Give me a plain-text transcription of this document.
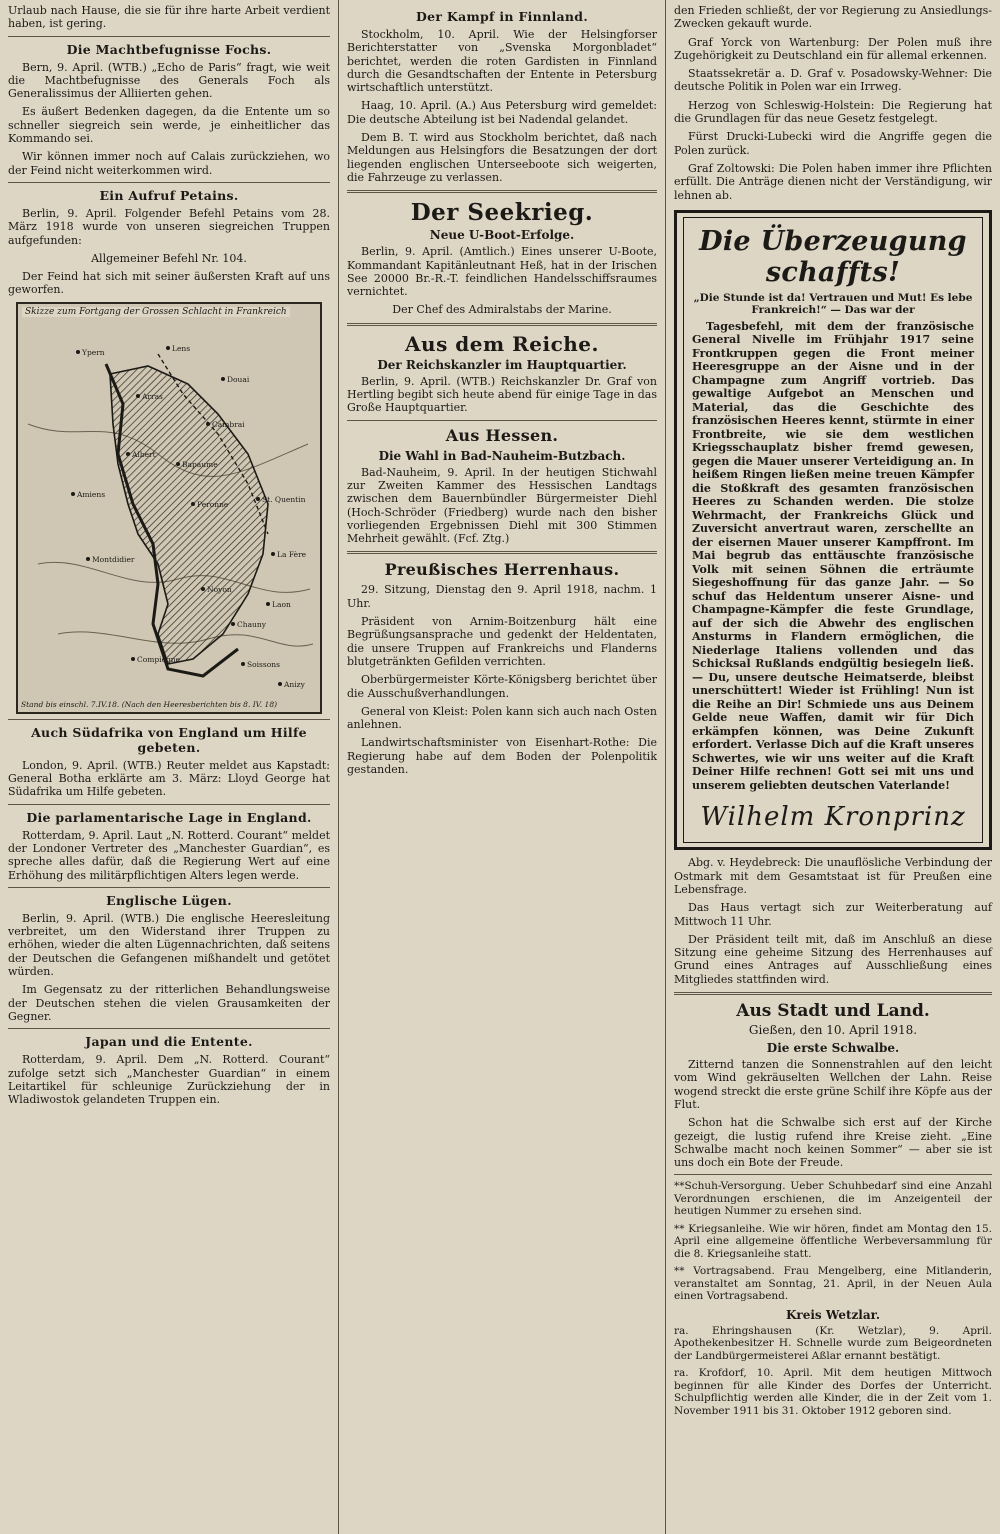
Urlaub nach Hause, die sie für ihre harte Arbeit verdient haben, ist gering.

Die Machtbefugnisse Fochs.

Bern, 9. April. (WTB.) „Echo de Paris“ fragt, wie weit die Machtbefugnisse des Generals Foch als Generalissimus der Alliierten gehen.

Es äußert Bedenken dagegen, da die Entente um so schneller siegreich sein werde, je einheitlicher das Kommando sei.

Wir können immer noch auf Calais zurückziehen, wo der Feind nicht weiterkommen wird.

Ein Aufruf Petains.

Berlin, 9. April. Folgender Befehl Petains vom 28. März 1918 wurde von unseren siegreichen Truppen aufgefunden:

Allgemeiner Befehl Nr. 104.

Der Feind hat sich mit seiner äußersten Kraft auf uns geworfen.

Ypern	Lens
Arras
Douai
Cambrai
Albert
Bapaume
Peronne
St. Quentin
Amiens
Montdidier
Noyon
Compiègne
Soissons
Laon
Anizy
La Fère
Chauny
Skizze zum Fortgang der Grossen Schlacht in Frankreich
Stand bis einschl. 7.IV.18. (Nach den Heeresberichten bis 8. IV. 18)
Auch Südafrika von England um Hilfe gebeten.

London, 9. April. (WTB.) Reuter meldet aus Kapstadt: General Botha erklärte am 3. März: Lloyd George hat Südafrika um Hilfe gebeten.

Die parlamentarische Lage in England.

Rotterdam, 9. April. Laut „N. Rotterd. Courant“ meldet der Londoner Vertreter des „Manchester Guardian“, es spreche alles dafür, daß die Regierung Wert auf eine Erhöhung des militärpflichtigen Alters legen werde.

Englische Lügen.

Berlin, 9. April. (WTB.) Die englische Heeresleitung verbreitet, um den Widerstand ihrer Truppen zu erhöhen, wieder die alten Lügennachrichten, daß seitens der Deutschen die Gefangenen mißhandelt und getötet würden.

Im Gegensatz zu der ritterlichen Behandlungsweise der Deutschen stehen die vielen Grausamkeiten der Gegner.

Japan und die Entente.

Rotterdam, 9. April. Dem „N. Rotterd. Courant“ zufolge setzt sich „Manchester Guardian“ in einem Leitartikel für schleunige Zurückziehung der in Wladiwostok gelandeten Truppen ein.

Der Kampf in Finnland.

Stockholm, 10. April. Wie der Helsingforser Berichterstatter von „Svenska Morgonbladet“ berichtet, werden die roten Gardisten in Finnland durch die Gesandtschaften der Entente in Petersburg wirtschaftlich unterstützt.

Haag, 10. April. (A.) Aus Petersburg wird gemeldet: Die deutsche Abteilung ist bei Nadendal gelandet.

Dem B. T. wird aus Stockholm berichtet, daß nach Meldungen aus Helsingfors die Besatzungen der dort liegenden englischen Unterseeboote sich weigerten, die Fahrzeuge zu verlassen.

Der Seekrieg.
Neue U-Boot-Erfolge.

Berlin, 9. April. (Amtlich.) Eines unserer U-Boote, Kommandant Kapitänleutnant Heß, hat in der Irischen See 20000 Br.-R.-T. feindlichen Handelsschiffsraumes vernichtet.

Der Chef des Admiralstabs der Marine.

Aus dem Reiche.
Der Reichskanzler im Hauptquartier.

Berlin, 9. April. (WTB.) Reichskanzler Dr. Graf von Hertling begibt sich heute abend für einige Tage in das Große Hauptquartier.

Aus Hessen.
Die Wahl in Bad-Nauheim-Butzbach.

Bad-Nauheim, 9. April. In der heutigen Stichwahl zur Zweiten Kammer des Hessischen Landtags zwischen dem Bauernbündler Bürgermeister Diehl (Hoch-Schröder (Friedberg) wurde nach den bisher vorliegenden Ergebnissen Diehl mit 300 Stimmen Mehrheit gewählt. (Fcf. Ztg.)

Preußisches Herrenhaus.

29. Sitzung, Dienstag den 9. April 1918, nachm. 1 Uhr.

Präsident von Arnim-Boitzenburg hält eine Begrüßungsansprache und gedenkt der Heldentaten, die unsere Truppen auf Frankreichs und Flanderns blutgetränkten Gefilden verrichten.

Oberbürgermeister Körte-Königsberg berichtet über die Ausschußverhandlungen.

General von Kleist: Polen kann sich auch nach Osten anlehnen.

Landwirtschaftsminister von Eisenhart-Rothe: Die Regierung habe auf dem Boden der Polenpolitik gestanden.

den Frieden schließt, der vor Regierung zu Ansiedlungs-Zwecken gekauft wurde.

Graf Yorck von Wartenburg: Der Polen muß ihre Zugehörigkeit zu Deutschland ein für allemal erkennen.

Staatssekretär a. D. Graf v. Posadowsky-Wehner: Die deutsche Politik in Polen war ein Irrweg.

Herzog von Schleswig-Holstein: Die Regierung hat die Grundlagen für das neue Gesetz festgelegt.

Fürst Drucki-Lubecki wird die Angriffe gegen die Polen zurück.

Graf Zoltowski: Die Polen haben immer ihre Pflichten erfüllt. Die Anträge dienen nicht der Verständigung, wir lehnen ab.

Die Überzeugung schaffts!
„Die Stunde ist da! Vertrauen und Mut! Es lebe Frankreich!“ — Das war der

Tagesbefehl, mit dem der französische General Nivelle im Frühjahr 1917 seine Frontkruppen gegen die Front meiner Heeresgruppe an der Aisne und in der Champagne zum Angriff vortrieb. Das gewaltige Aufgebot an Menschen und Material, das die Geschichte des französischen Heeres kennt, stürmte in einer Frontbreite, wie sie dem westlichen Kriegsschauplatz bisher fremd gewesen, gegen die Mauer unserer Verteidigung an. In heißem Ringen ließen meine treuen Kämpfer die Stoßkraft des gesamten französischen Heeres zu Schanden werden. Die stolze Wehrmacht, der Frankreichs Glück und Zuversicht anvertraut waren, zerschellte an der eisernen Mauer unserer Kampffront. Im Mai begrub das enttäuschte französische Volk mit seinen Söhnen die erträumte Siegeshoffnung für das ganze Jahr. — So schuf das Heldentum unserer Aisne- und Champagne-Kämpfer die feste Grundlage, auf der sich die Abwehr des englischen Ansturms in Flandern ermöglichen, die Niederlage Italiens vollenden und das Schicksal Rußlands endgültig besiegeln ließ. — Du, unsere deutsche Heimatserde, bleibst unerschüttert! Wieder ist Frühling! Nun ist die Reihe an Dir! Schmiede uns aus Deinem Gelde neue Waffen, damit wir für Dich erkämpfen können, was Deine Zukunft erfordert. Verlasse Dich auf die Kraft unseres Schwertes, wie wir uns weiter auf die Kraft Deiner Hilfe rechnen! Gott sei mit uns und unserem geliebten deutschen Vaterlande!

Wilhelm Kronprinz

Abg. v. Heydebreck: Die unauflösliche Verbindung der Ostmark mit dem Gesamtstaat ist für Preußen eine Lebensfrage.

Das Haus vertagt sich zur Weiterberatung auf Mittwoch 11 Uhr.

Der Präsident teilt mit, daß im Anschluß an diese Sitzung eine geheime Sitzung des Herrenhauses auf Grund eines Antrages auf Ausschließung eines Mitgliedes stattfinden wird.

Aus Stadt und Land.
Gießen, den 10. April 1918.
Die erste Schwalbe.

Zitternd tanzen die Sonnenstrahlen auf den leicht vom Wind gekräuselten Wellchen der Lahn. Reise wogend streckt die erste grüne Schilf ihre Köpfe aus der Flut.

Schon hat die Schwalbe sich erst auf der Kirche gezeigt, die lustig rufend ihre Kreise zieht. „Eine Schwalbe macht noch keinen Sommer“ — aber sie ist uns doch ein Bote der Freude.

**Schuh-Versorgung. Ueber Schuhbedarf sind eine Anzahl Verordnungen erschienen, die im Anzeigenteil der heutigen Nummer zu ersehen sind.

** Kriegsanleihe. Wie wir hören, findet am Montag den 15. April eine allgemeine öffentliche Werbeversammlung für die 8. Kriegsanleihe statt.

** Vortragsabend. Frau Mengelberg, eine Mitlanderin, veranstaltet am Sonntag, 21. April, in der Neuen Aula einen Vortragsabend.

Kreis Wetzlar.

ra. Ehringshausen (Kr. Wetzlar), 9. April. Apothekenbesitzer H. Schnelle wurde zum Beigeordneten der Landbürgermeisterei Aßlar ernannt bestätigt.

ra. Krofdorf, 10. April. Mit dem heutigen Mittwoch beginnen für alle Kinder des Dorfes der Unterricht. Schulpflichtig werden alle Kinder, die in der Zeit vom 1. November 1911 bis 31. Oktober 1912 geboren sind.
